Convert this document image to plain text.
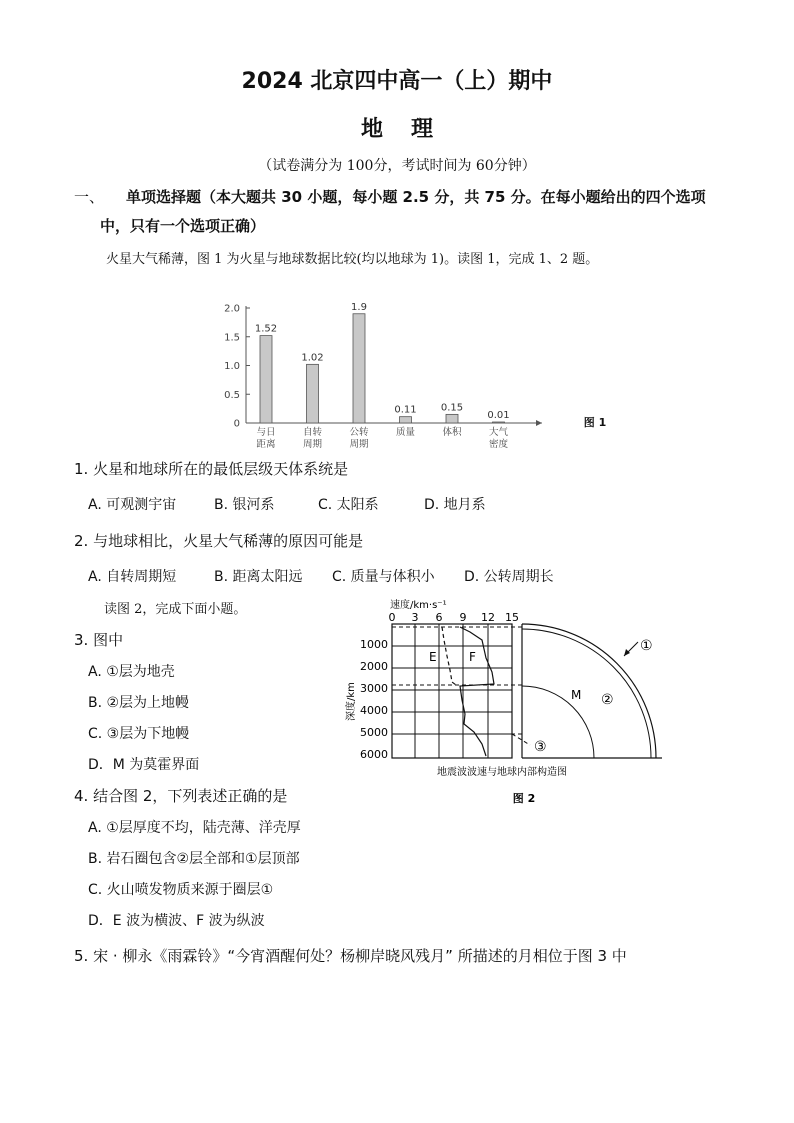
2024 北京四中高一（上）期中
地理
（试卷满分为 100分，考试时间为 60分钟）
一、 单项选择题（本大题共 30 小题，每小题 2.5 分，共 75 分。在每小题给出的四个选项
中，只有一个选项正确）
火星大气稀薄，图 1 为火星与地球数据比较(均以地球为 1)。读图 1，完成 1、2 题。
0
0.5
1.0
1.5
2.0
1.52
与日
距离
1.02
自转
周期
1.9
公转
周期
0.11
质量
0.15
体积
0.01
大气
密度
图 1
1. 火星和地球所在的最低层级天体系统是
A. 可观测宇宙	B. 银河系	C. 太阳系	D. 地月系
2. 与地球相比，火星大气稀薄的原因可能是
A. 自转周期短	B. 距离太阳远 C. 质量与体积小 D. 公转周期长
读图 2，完成下面小题。
3. 图中
A. ①层为地壳
B. ②层为上地幔
C. ③层为下地幔
D．M 为莫霍界面
4. 结合图 2，下列表述正确的是
A. ①层厚度不均，陆壳薄、洋壳厚
B. 岩石圈包含②层全部和①层顶部
C. 火山喷发物质来源于圈层①
D．E 波为横波、F 波为纵波
5. 宋 · 柳永《雨霖铃》“今宵酒醒何处？杨柳岸晓风残月” 所描述的月相位于图 3 中
速度/km·s⁻¹
0 3 6 9 12 15
深度/km
1000
2000
3000
4000
5000
6000
E	F
①
②
M
③
地震波波速与地球内部构造图
图 2
